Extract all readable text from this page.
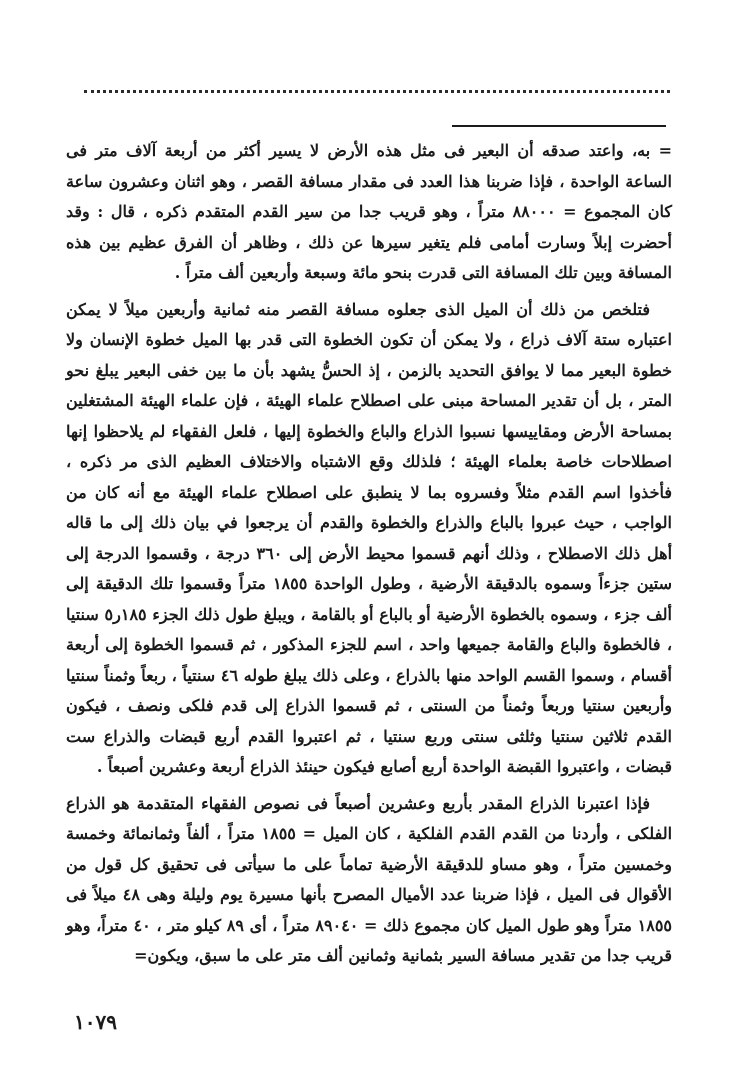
= به، واعتد صدقه أن البعير فى مثل هذه الأرض لا يسير أكثر من أربعة آلاف متر فى الساعة الواحدة ، فإذا ضربنا هذا العدد فى مقدار مسافة القصر ، وهو اثنان وعشرون ساعة كان المجموع = ٨٨٠٠٠ متراً ، وهو قريب جدا من سير القدم المتقدم ذكره ، قال : وقد أحضرت إبلاً وسارت أمامى فلم يتغير سيرها عن ذلك ، وظاهر أن الفرق عظيم بين هذه المسافة وبين تلك المسافة التى قدرت بنحو مائة وسبعة وأربعين ألف متراً .

فتلخص من ذلك أن الميل الذى جعلوه مسافة القصر منه ثمانية وأربعين ميلاً لا يمكن اعتباره ستة آلاف ذراع ، ولا يمكن أن تكون الخطوة التى قدر بها الميل خطوة الإنسان ولا خطوة البعير مما لا يوافق التحديد بالزمن ، إذ الحسُّ يشهد بأن ما بين خفى البعير يبلغ نحو المتر ، بل أن تقدير المساحة مبنى على اصطلاح علماء الهيئة ، فإن علماء الهيئة المشتغلين بمساحة الأرض ومقاييسها نسبوا الذراع والباع والخطوة إليها ، فلعل الفقهاء لم يلاحظوا إنها اصطلاحات خاصة بعلماء الهيئة ؛ فلذلك وقع الاشتباه والاختلاف العظيم الذى مر ذكره ، فأخذوا اسم القدم مثلاً وفسروه بما لا ينطبق على اصطلاح علماء الهيئة مع أنه كان من الواجب ، حيث عبروا بالباع والذراع والخطوة والقدم أن يرجعوا في بيان ذلك إلى ما قاله أهل ذلك الاصطلاح ، وذلك أنهم قسموا محيط الأرض إلى ٣٦٠ درجة ، وقسموا الدرجة إلى ستين جزءاً وسموه بالدقيقة الأرضية ، وطول الواحدة ١٨٥٥ متراً وقسموا تلك الدقيقة إلى ألف جزء ، وسموه بالخطوة الأرضية أو بالباع أو بالقامة ، ويبلغ طول ذلك الجزء ١٨٥ر٥ سنتيا ، فالخطوة والباع والقامة جميعها واحد ، اسم للجزء المذكور ، ثم قسموا الخطوة إلى أربعة أقسام ، وسموا القسم الواحد منها بالذراع ، وعلى ذلك يبلغ طوله ٤٦ سنتياً ، ربعاً وثمناً سنتيا وأربعين سنتيا وربعاً وثمناً من السنتى ، ثم قسموا الذراع إلى قدم فلكى ونصف ، فيكون القدم ثلاثين سنتيا وثلثى سنتى وربع سنتيا ، ثم اعتبروا القدم أربع قبضات والذراع ست قبضات ، واعتبروا القبضة الواحدة أربع أصابع فيكون حينئذ الذراع أربعة وعشرين أصبعاً .

فإذا اعتبرنا الذراع المقدر بأربع وعشرين أصبعاً فى نصوص الفقهاء المتقدمة هو الذراع الفلكى ، وأردنا من القدم القدم الفلكية ، كان الميل = ١٨٥٥ متراً ، ألفاً وثمانمائة وخمسة وخمسين متراً ، وهو مساو للدقيقة الأرضية تماماً على ما سيأتى فى تحقيق كل قول من الأقوال فى الميل ، فإذا ضربنا عدد الأميال المصرح بأنها مسيرة يوم وليلة وهى ٤٨ ميلاً فى ١٨٥٥ متراً وهو طول الميل كان مجموع ذلك = ٨٩٠٤٠ متراً ، أى ٨٩ كيلو متر ، ٤٠ متراً، وهو قريب جدا من تقدير مسافة السير بثمانية وثمانين ألف متر على ما سبق، ويكون=

١٠٧٩
